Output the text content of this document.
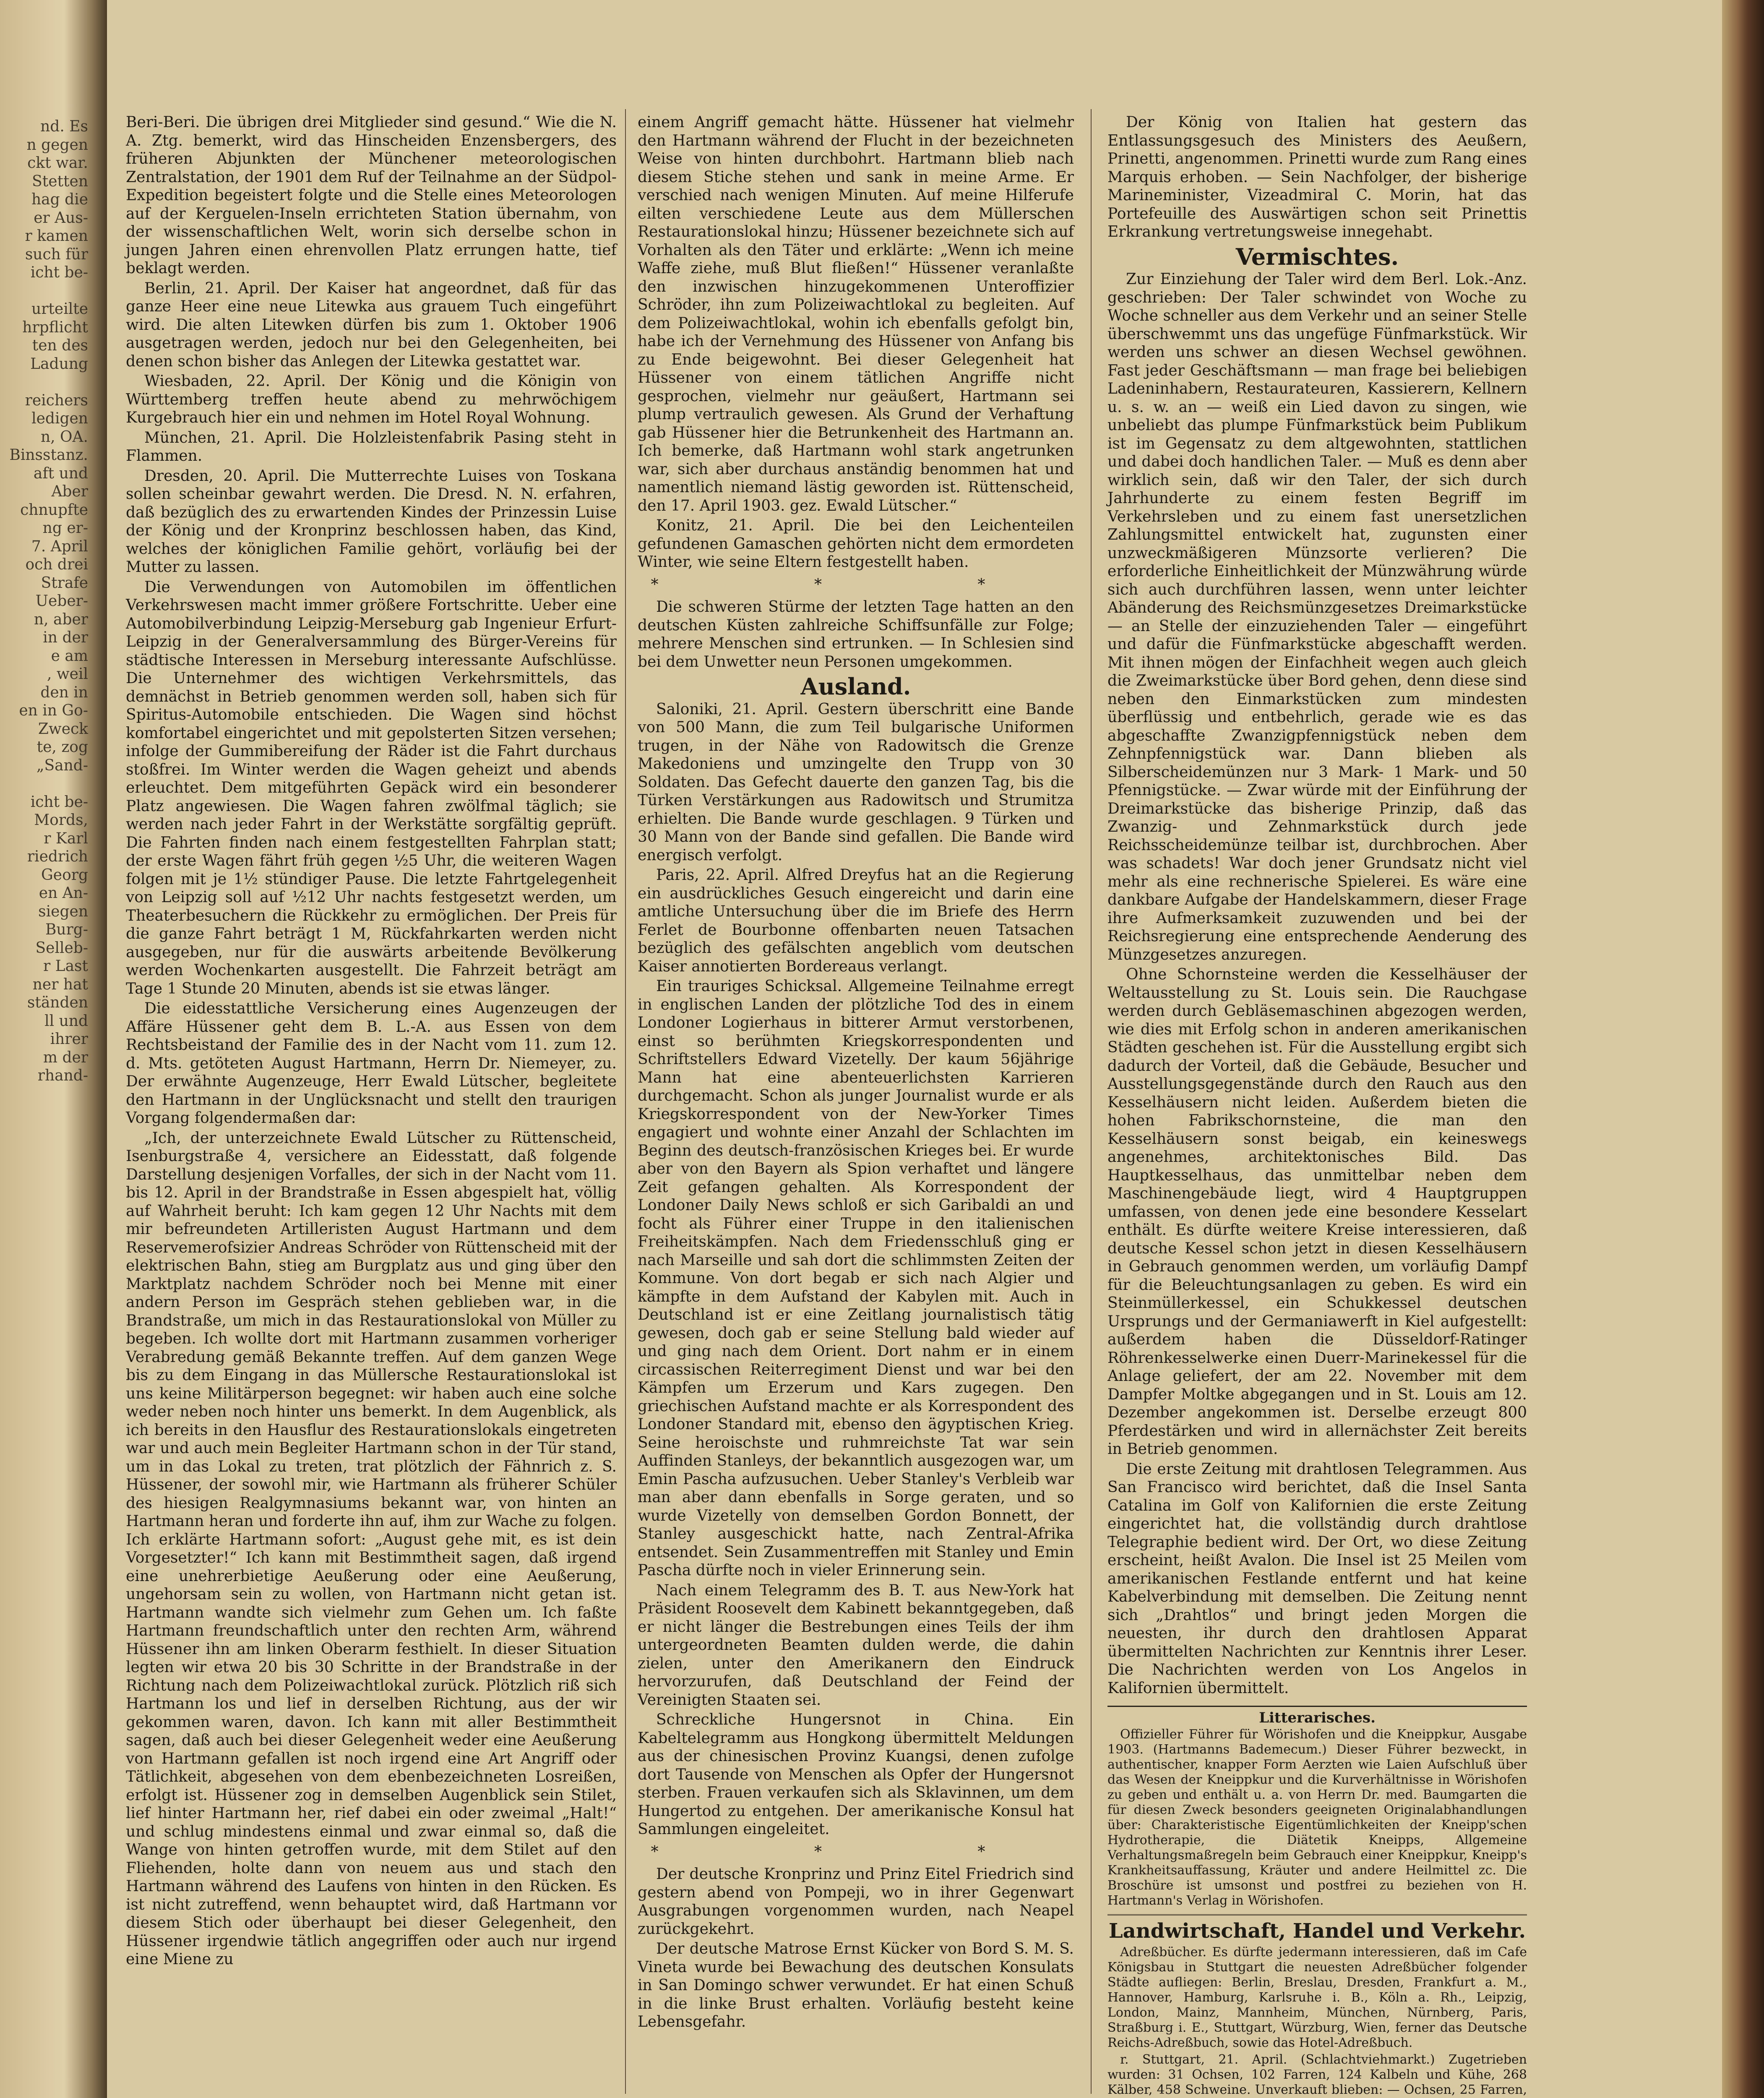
nd. Es
n gegen
ckt war.
Stetten
hag die
er Aus-
r kamen
such für
icht be-

urteilte
hrpflicht
ten des
Ladung

reichers
ledigen
n, OA.
Binsstanz.
aft und
Aber
chnupfte
ng er-
7. April
och drei
Strafe
Ueber-
n, aber
in der
e am
, weil
den in
en in Go-
Zweck
te, zog
„Sand-

icht be-
Mords,
r Karl
riedrich
Georg
en An-
siegen
Burg-
Selleb-
r Last
ner hat
ständen
ll und
ihrer
m der
rhand-

Beri-Beri. Die übrigen drei Mitglieder sind gesund.“ Wie die N. A. Ztg. bemerkt, wird das Hinscheiden Enzensbergers, des früheren Abjunkten der Münchener meteorologischen Zentralstation, der 1901 dem Ruf der Teilnahme an der Südpol-Expedition begeistert folgte und die Stelle eines Meteorologen auf der Kerguelen-Inseln errichteten Station übernahm, von der wissenschaftlichen Welt, worin sich derselbe schon in jungen Jahren einen ehrenvollen Platz errungen hatte, tief beklagt werden.

Berlin, 21. April. Der Kaiser hat angeordnet, daß für das ganze Heer eine neue Litewka aus grauem Tuch eingeführt wird. Die alten Litewken dürfen bis zum 1. Oktober 1906 ausgetragen werden, jedoch nur bei den Gelegenheiten, bei denen schon bisher das Anlegen der Litewka gestattet war.

Wiesbaden, 22. April. Der König und die Königin von Württemberg treffen heute abend zu mehrwöchigem Kurgebrauch hier ein und nehmen im Hotel Royal Wohnung.

München, 21. April. Die Holzleistenfabrik Pasing steht in Flammen.

Dresden, 20. April. Die Mutterrechte Luises von Toskana sollen scheinbar gewahrt werden. Die Dresd. N. N. erfahren, daß bezüglich des zu erwartenden Kindes der Prinzessin Luise der König und der Kronprinz beschlossen haben, das Kind, welches der königlichen Familie gehört, vorläufig bei der Mutter zu lassen.

Die Verwendungen von Automobilen im öffentlichen Verkehrswesen macht immer größere Fortschritte. Ueber eine Automobilverbindung Leipzig-Merseburg gab Ingenieur Erfurt-Leipzig in der Generalversammlung des Bürger-Vereins für städtische Interessen in Merseburg interessante Aufschlüsse. Die Unternehmer des wichtigen Verkehrsmittels, das demnächst in Betrieb genommen werden soll, haben sich für Spiritus-Automobile entschieden. Die Wagen sind höchst komfortabel eingerichtet und mit gepolsterten Sitzen versehen; infolge der Gummibereifung der Räder ist die Fahrt durchaus stoßfrei. Im Winter werden die Wagen geheizt und abends erleuchtet. Dem mitgeführten Gepäck wird ein besonderer Platz angewiesen. Die Wagen fahren zwölfmal täglich; sie werden nach jeder Fahrt in der Werkstätte sorgfältig geprüft. Die Fahrten finden nach einem festgestellten Fahrplan statt; der erste Wagen fährt früh gegen ½5 Uhr, die weiteren Wagen folgen mit je 1½ stündiger Pause. Die letzte Fahrtgelegenheit von Leipzig soll auf ½12 Uhr nachts festgesetzt werden, um Theaterbesuchern die Rückkehr zu ermöglichen. Der Preis für die ganze Fahrt beträgt 1 M, Rückfahrkarten werden nicht ausgegeben, nur für die auswärts arbeitende Bevölkerung werden Wochenkarten ausgestellt. Die Fahrzeit beträgt am Tage 1 Stunde 20 Minuten, abends ist sie etwas länger.

Die eidesstattliche Versicherung eines Augenzeugen der Affäre Hüssener geht dem B. L.-A. aus Essen von dem Rechtsbeistand der Familie des in der Nacht vom 11. zum 12. d. Mts. getöteten August Hartmann, Herrn Dr. Niemeyer, zu. Der erwähnte Augenzeuge, Herr Ewald Lütscher, begleitete den Hartmann in der Unglücksnacht und stellt den traurigen Vorgang folgendermaßen dar:

„Ich, der unterzeichnete Ewald Lütscher zu Rüttenscheid, Isenburgstraße 4, versichere an Eidesstatt, daß folgende Darstellung desjenigen Vorfalles, der sich in der Nacht vom 11. bis 12. April in der Brandstraße in Essen abgespielt hat, völlig auf Wahrheit beruht: Ich kam gegen 12 Uhr Nachts mit dem mir befreundeten Artilleristen August Hartmann und dem Reservemerofsizier Andreas Schröder von Rüttenscheid mit der elektrischen Bahn, stieg am Burgplatz aus und ging über den Marktplatz nachdem Schröder noch bei Menne mit einer andern Person im Gespräch stehen geblieben war, in die Brandstraße, um mich in das Restaurationslokal von Müller zu begeben. Ich wollte dort mit Hartmann zusammen vorheriger Verabredung gemäß Bekannte treffen. Auf dem ganzen Wege bis zu dem Eingang in das Müllersche Restaurationslokal ist uns keine Militärperson begegnet: wir haben auch eine solche weder neben noch hinter uns bemerkt. In dem Augenblick, als ich bereits in den Hausflur des Restaurationslokals eingetreten war und auch mein Begleiter Hartmann schon in der Tür stand, um in das Lokal zu treten, trat plötzlich der Fähnrich z. S. Hüssener, der sowohl mir, wie Hartmann als früherer Schüler des hiesigen Realgymnasiums bekannt war, von hinten an Hartmann heran und forderte ihn auf, ihm zur Wache zu folgen. Ich erklärte Hartmann sofort: „August gehe mit, es ist dein Vorgesetzter!“ Ich kann mit Bestimmtheit sagen, daß irgend eine unehrerbietige Aeußerung oder eine Aeußerung, ungehorsam sein zu wollen, von Hartmann nicht getan ist. Hartmann wandte sich vielmehr zum Gehen um. Ich faßte Hartmann freundschaftlich unter den rechten Arm, während Hüssener ihn am linken Oberarm festhielt. In dieser Situation legten wir etwa 20 bis 30 Schritte in der Brandstraße in der Richtung nach dem Polizeiwachtlokal zurück. Plötzlich riß sich Hartmann los und lief in derselben Richtung, aus der wir gekommen waren, davon. Ich kann mit aller Bestimmtheit sagen, daß auch bei dieser Gelegenheit weder eine Aeußerung von Hartmann gefallen ist noch irgend eine Art Angriff oder Tätlichkeit, abgesehen von dem ebenbezeichneten Losreißen, erfolgt ist. Hüssener zog in demselben Augenblick sein Stilet, lief hinter Hartmann her, rief dabei ein oder zweimal „Halt!“ und schlug mindestens einmal und zwar einmal so, daß die Wange von hinten getroffen wurde, mit dem Stilet auf den Fliehenden, holte dann von neuem aus und stach den Hartmann während des Laufens von hinten in den Rücken. Es ist nicht zutreffend, wenn behauptet wird, daß Hartmann vor diesem Stich oder überhaupt bei dieser Gelegenheit, den Hüssener irgendwie tätlich angegriffen oder auch nur irgend eine Miene zu

einem Angriff gemacht hätte. Hüssener hat vielmehr den Hartmann während der Flucht in der bezeichneten Weise von hinten durchbohrt. Hartmann blieb nach diesem Stiche stehen und sank in meine Arme. Er verschied nach wenigen Minuten. Auf meine Hilferufe eilten verschiedene Leute aus dem Müllerschen Restaurationslokal hinzu; Hüssener bezeichnete sich auf Vorhalten als den Täter und erklärte: „Wenn ich meine Waffe ziehe, muß Blut fließen!“ Hüssener veranlaßte den inzwischen hinzugekommenen Unteroffizier Schröder, ihn zum Polizeiwachtlokal zu begleiten. Auf dem Polizeiwachtlokal, wohin ich ebenfalls gefolgt bin, habe ich der Vernehmung des Hüssener von Anfang bis zu Ende beigewohnt. Bei dieser Gelegenheit hat Hüssener von einem tätlichen Angriffe nicht gesprochen, vielmehr nur geäußert, Hartmann sei plump vertraulich gewesen. Als Grund der Verhaftung gab Hüssener hier die Betrunkenheit des Hartmann an. Ich bemerke, daß Hartmann wohl stark angetrunken war, sich aber durchaus anständig benommen hat und namentlich niemand lästig geworden ist. Rüttenscheid, den 17. April 1903. gez. Ewald Lütscher.“

Konitz, 21. April. Die bei den Leichenteilen gefundenen Gamaschen gehörten nicht dem ermordeten Winter, wie seine Eltern festgestellt haben.

* * *

Die schweren Stürme der letzten Tage hatten an den deutschen Küsten zahlreiche Schiffsunfälle zur Folge; mehrere Menschen sind ertrunken. — In Schlesien sind bei dem Unwetter neun Personen umgekommen.

Ausland.

Saloniki, 21. April. Gestern überschritt eine Bande von 500 Mann, die zum Teil bulgarische Uniformen trugen, in der Nähe von Radowitsch die Grenze Makedoniens und umzingelte den Trupp von 30 Soldaten. Das Gefecht dauerte den ganzen Tag, bis die Türken Verstärkungen aus Radowitsch und Strumitza erhielten. Die Bande wurde geschlagen. 9 Türken und 30 Mann von der Bande sind gefallen. Die Bande wird energisch verfolgt.

Paris, 22. April. Alfred Dreyfus hat an die Regierung ein ausdrückliches Gesuch eingereicht und darin eine amtliche Untersuchung über die im Briefe des Herrn Ferlet de Bourbonne offenbarten neuen Tatsachen bezüglich des gefälschten angeblich vom deutschen Kaiser annotierten Bordereaus verlangt.

Ein trauriges Schicksal. Allgemeine Teilnahme erregt in englischen Landen der plötzliche Tod des in einem Londoner Logierhaus in bitterer Armut verstorbenen, einst so berühmten Kriegskorrespondenten und Schriftstellers Edward Vizetelly. Der kaum 56jährige Mann hat eine abenteuerlichsten Karrieren durchgemacht. Schon als junger Journalist wurde er als Kriegskorrespondent von der New-Yorker Times engagiert und wohnte einer Anzahl der Schlachten im Beginn des deutsch-französischen Krieges bei. Er wurde aber von den Bayern als Spion verhaftet und längere Zeit gefangen gehalten. Als Korrespondent der Londoner Daily News schloß er sich Garibaldi an und focht als Führer einer Truppe in den italienischen Freiheitskämpfen. Nach dem Friedensschluß ging er nach Marseille und sah dort die schlimmsten Zeiten der Kommune. Von dort begab er sich nach Algier und kämpfte in dem Aufstand der Kabylen mit. Auch in Deutschland ist er eine Zeitlang journalistisch tätig gewesen, doch gab er seine Stellung bald wieder auf und ging nach dem Orient. Dort nahm er in einem circassischen Reiterregiment Dienst und war bei den Kämpfen um Erzerum und Kars zugegen. Den griechischen Aufstand machte er als Korrespondent des Londoner Standard mit, ebenso den ägyptischen Krieg. Seine heroischste und ruhmreichste Tat war sein Auffinden Stanleys, der bekanntlich ausgezogen war, um Emin Pascha aufzusuchen. Ueber Stanley's Verbleib war man aber dann ebenfalls in Sorge geraten, und so wurde Vizetelly von demselben Gordon Bonnett, der Stanley ausgeschickt hatte, nach Zentral-Afrika entsendet. Sein Zusammentreffen mit Stanley und Emin Pascha dürfte noch in vieler Erinnerung sein.

Nach einem Telegramm des B. T. aus New-York hat Präsident Roosevelt dem Kabinett bekanntgegeben, daß er nicht länger die Bestrebungen eines Teils der ihm untergeordneten Beamten dulden werde, die dahin zielen, unter den Amerikanern den Eindruck hervorzurufen, daß Deutschland der Feind der Vereinigten Staaten sei.

Schreckliche Hungersnot in China. Ein Kabeltelegramm aus Hongkong übermittelt Meldungen aus der chinesischen Provinz Kuangsi, denen zufolge dort Tausende von Menschen als Opfer der Hungersnot sterben. Frauen verkaufen sich als Sklavinnen, um dem Hungertod zu entgehen. Der amerikanische Konsul hat Sammlungen eingeleitet.

* * *

Der deutsche Kronprinz und Prinz Eitel Friedrich sind gestern abend von Pompeji, wo in ihrer Gegenwart Ausgrabungen vorgenommen wurden, nach Neapel zurückgekehrt.

Der deutsche Matrose Ernst Kücker von Bord S. M. S. Vineta wurde bei Bewachung des deutschen Konsulats in San Domingo schwer verwundet. Er hat einen Schuß in die linke Brust erhalten. Vorläufig besteht keine Lebensgefahr.

Der König von Italien hat gestern das Entlassungsgesuch des Ministers des Aeußern, Prinetti, angenommen. Prinetti wurde zum Rang eines Marquis erhoben. — Sein Nachfolger, der bisherige Marineminister, Vizeadmiral C. Morin, hat das Portefeuille des Auswärtigen schon seit Prinettis Erkrankung vertretungsweise innegehabt.

Vermischtes.

Zur Einziehung der Taler wird dem Berl. Lok.-Anz. geschrieben: Der Taler schwindet von Woche zu Woche schneller aus dem Verkehr und an seiner Stelle überschwemmt uns das ungefüge Fünfmarkstück. Wir werden uns schwer an diesen Wechsel gewöhnen. Fast jeder Geschäftsmann — man frage bei beliebigen Ladeninhabern, Restaurateuren, Kassierern, Kellnern u. s. w. an — weiß ein Lied davon zu singen, wie unbeliebt das plumpe Fünfmarkstück beim Publikum ist im Gegensatz zu dem altgewohnten, stattlichen und dabei doch handlichen Taler. — Muß es denn aber wirklich sein, daß wir den Taler, der sich durch Jahrhunderte zu einem festen Begriff im Verkehrsleben und zu einem fast unersetzlichen Zahlungsmittel entwickelt hat, zugunsten einer unzweckmäßigeren Münzsorte verlieren? Die erforderliche Einheitlichkeit der Münzwährung würde sich auch durchführen lassen, wenn unter leichter Abänderung des Reichsmünzgesetzes Dreimarkstücke — an Stelle der einzuziehenden Taler — eingeführt und dafür die Fünfmarkstücke abgeschafft werden. Mit ihnen mögen der Einfachheit wegen auch gleich die Zweimarkstücke über Bord gehen, denn diese sind neben den Einmarkstücken zum mindesten überflüssig und entbehrlich, gerade wie es das abgeschaffte Zwanzigpfennigstück neben dem Zehnpfennigstück war. Dann blieben als Silberscheidemünzen nur 3 Mark- 1 Mark- und 50 Pfennigstücke. — Zwar würde mit der Einführung der Dreimarkstücke das bisherige Prinzip, daß das Zwanzig- und Zehnmarkstück durch jede Reichsscheidemünze teilbar ist, durchbrochen. Aber was schadets! War doch jener Grundsatz nicht viel mehr als eine rechnerische Spielerei. Es wäre eine dankbare Aufgabe der Handelskammern, dieser Frage ihre Aufmerksamkeit zuzuwenden und bei der Reichsregierung eine entsprechende Aenderung des Münzgesetzes anzuregen.

Ohne Schornsteine werden die Kesselhäuser der Weltausstellung zu St. Louis sein. Die Rauchgase werden durch Gebläsemaschinen abgezogen werden, wie dies mit Erfolg schon in anderen amerikanischen Städten geschehen ist. Für die Ausstellung ergibt sich dadurch der Vorteil, daß die Gebäude, Besucher und Ausstellungsgegenstände durch den Rauch aus den Kesselhäusern nicht leiden. Außerdem bieten die hohen Fabrikschornsteine, die man den Kesselhäusern sonst beigab, ein keineswegs angenehmes, architektonisches Bild. Das Hauptkesselhaus, das unmittelbar neben dem Maschinengebäude liegt, wird 4 Hauptgruppen umfassen, von denen jede eine besondere Kesselart enthält. Es dürfte weitere Kreise interessieren, daß deutsche Kessel schon jetzt in diesen Kesselhäusern in Gebrauch genommen werden, um vorläufig Dampf für die Beleuchtungsanlagen zu geben. Es wird ein Steinmüllerkessel, ein Schukkessel deutschen Ursprungs und der Germaniawerft in Kiel aufgestellt: außerdem haben die Düsseldorf-Ratinger Röhrenkesselwerke einen Duerr-Marinekessel für die Anlage geliefert, der am 22. November mit dem Dampfer Moltke abgegangen und in St. Louis am 12. Dezember angekommen ist. Derselbe erzeugt 800 Pferdestärken und wird in allernächster Zeit bereits in Betrieb genommen.

Die erste Zeitung mit drahtlosen Telegrammen. Aus San Francisco wird berichtet, daß die Insel Santa Catalina im Golf von Kalifornien die erste Zeitung eingerichtet hat, die vollständig durch drahtlose Telegraphie bedient wird. Der Ort, wo diese Zeitung erscheint, heißt Avalon. Die Insel ist 25 Meilen vom amerikanischen Festlande entfernt und hat keine Kabelverbindung mit demselben. Die Zeitung nennt sich „Drahtlos“ und bringt jeden Morgen die neuesten, ihr durch den drahtlosen Apparat übermittelten Nachrichten zur Kenntnis ihrer Leser. Die Nachrichten werden von Los Angelos in Kalifornien übermittelt.

Litterarisches.

Offizieller Führer für Wörishofen und die Kneippkur, Ausgabe 1903. (Hartmanns Bademecum.) Dieser Führer bezweckt, in authentischer, knapper Form Aerzten wie Laien Aufschluß über das Wesen der Kneippkur und die Kurverhältnisse in Wörishofen zu geben und enthält u. a. von Herrn Dr. med. Baumgarten die für diesen Zweck besonders geeigneten Originalabhandlungen über: Charakteristische Eigentümlichkeiten der Kneipp'schen Hydrotherapie, die Diätetik Kneipps, Allgemeine Verhaltungsmaßregeln beim Gebrauch einer Kneippkur, Kneipp's Krankheitsauffassung, Kräuter und andere Heilmittel zc. Die Broschüre ist umsonst und postfrei zu beziehen von H. Hartmann's Verlag in Wörishofen.

Landwirtschaft, Handel und Verkehr.

Adreßbücher. Es dürfte jedermann interessieren, daß im Cafe Königsbau in Stuttgart die neuesten Adreßbücher folgender Städte aufliegen: Berlin, Breslau, Dresden, Frankfurt a. M., Hannover, Hamburg, Karlsruhe i. B., Köln a. Rh., Leipzig, London, Mainz, Mannheim, München, Nürnberg, Paris, Straßburg i. E., Stuttgart, Würzburg, Wien, ferner das Deutsche Reichs-Adreßbuch, sowie das Hotel-Adreßbuch.

r. Stuttgart, 21. April. (Schlachtviehmarkt.) Zugetrieben wurden: 31 Ochsen, 102 Farren, 124 Kalbeln und Kühe, 268 Kälber, 458 Schweine. Unverkauft blieben: — Ochsen, 25 Farren,
